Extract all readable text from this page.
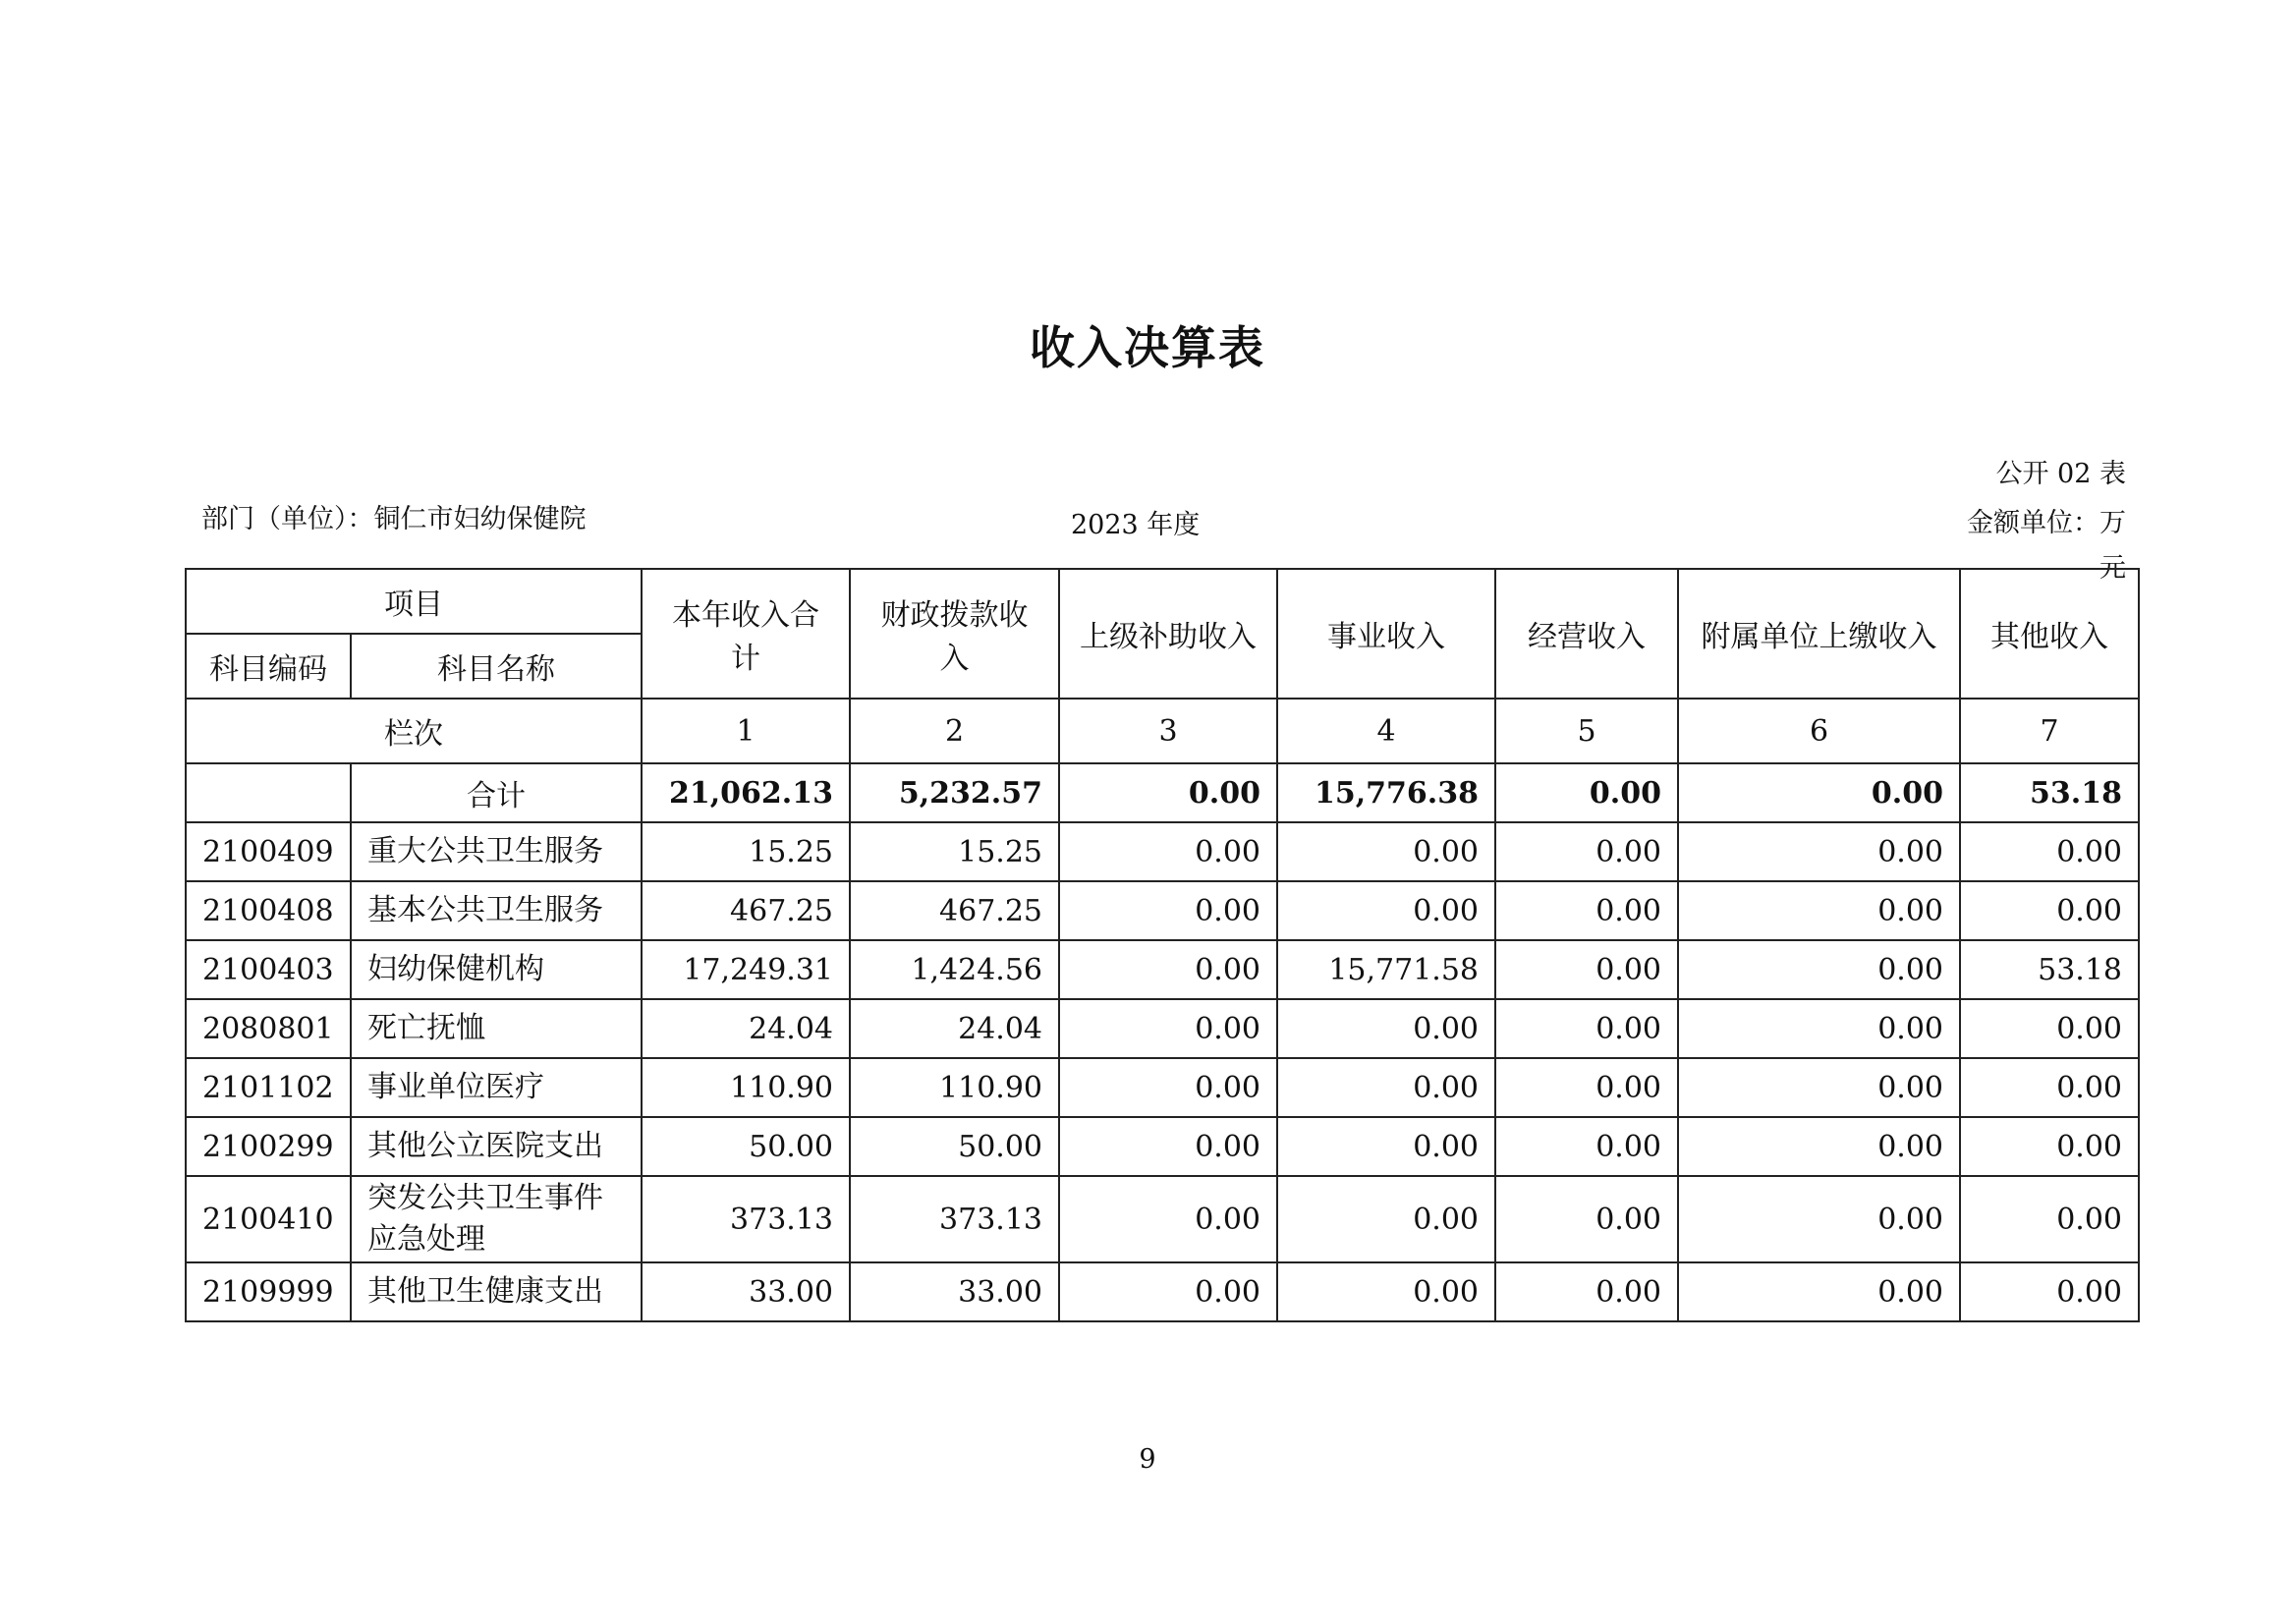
收入决算表
公开 02 表
部门（单位）：铜仁市妇幼保健院	2023 年度	金额单位：万元
项目		本年收入合计	财政拨款收入	上级补助收入	事业收入	经营收入	附属单位上缴收入	其他收入
科目编码	科目名称							
栏次		1	2	3	4	5	6	7
	合计	21,062.13	5,232.57	0.00	15,776.38	0.00	0.00	53.18
2100409	重大公共卫生服务	15.25	15.25	0.00	0.00	0.00	0.00	0.00
2100408	基本公共卫生服务	467.25	467.25	0.00	0.00	0.00	0.00	0.00
2100403	妇幼保健机构	17,249.31	1,424.56	0.00	15,771.58	0.00	0.00	53.18
2080801	死亡抚恤	24.04	24.04	0.00	0.00	0.00	0.00	0.00
2101102	事业单位医疗	110.90	110.90	0.00	0.00	0.00	0.00	0.00
2100299	其他公立医院支出	50.00	50.00	0.00	0.00	0.00	0.00	0.00
2100410	突发公共卫生事件应急处理	373.13	373.13	0.00	0.00	0.00	0.00	0.00
2109999	其他卫生健康支出	33.00	33.00	0.00	0.00	0.00	0.00	0.00
9
